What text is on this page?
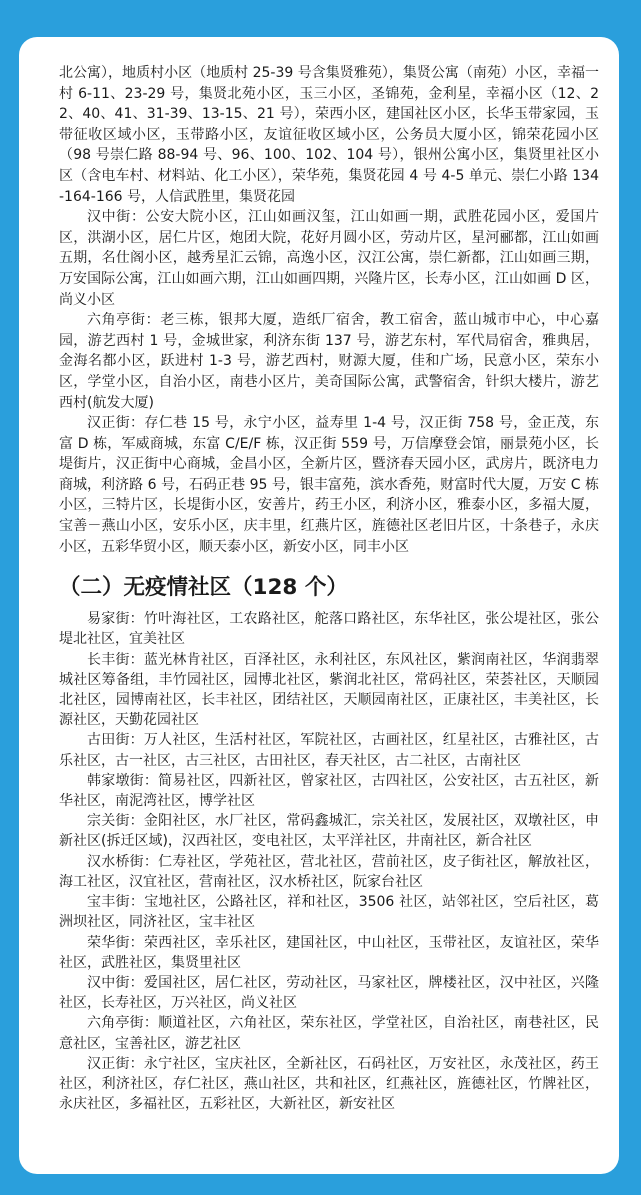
北公寓），地质村小区（地质村 25-39 号含集贤雅苑），集贤公寓（南苑）小区，幸福一村 6-11、23-29 号，集贤北苑小区，玉三小区，圣锦苑，金利星，幸福小区（12、22、40、41、31-39、13-15、21 号），荣西小区，建国社区小区，长华玉带家园，玉带征收区域小区，玉带路小区，友谊征收区域小区，公务员大厦小区，锦荣花园小区（98 号崇仁路 88-94 号、96、100、102、104 号），银州公寓小区，集贤里社区小区（含电车村、材料站、化工小区），荣华苑，集贤花园 4 号 4-5 单元、崇仁小路 134-164-166 号，人信武胜里，集贤花园

汉中街：公安大院小区，江山如画汉玺，江山如画一期，武胜花园小区，爱国片区，洪湖小区，居仁片区，炮团大院，花好月圆小区，劳动片区，星河郦都，江山如画五期，名仕阁小区，越秀星汇云锦，高逸小区，汉江公寓，崇仁新都，江山如画三期，万安国际公寓，江山如画六期，江山如画四期，兴隆片区，长寿小区，江山如画 D 区，尚义小区

六角亭街：老三栋，银邦大厦，造纸厂宿舍，教工宿舍，蓝山城市中心，中心嘉园，游艺西村 1 号，金城世家，利济东街 137 号，游艺东村，军代局宿舍，雅典居，金海名都小区，跃进村 1-3 号，游艺西村，财源大厦，佳和广场，民意小区，荣东小区，学堂小区，自治小区，南巷小区片，美奇国际公寓，武警宿舍，针织大楼片，游艺西村(航发大厦)

汉正街：存仁巷 15 号，永宁小区，益寿里 1-4 号，汉正街 758 号，金正茂，东富 D 栋，军威商城，东富 C/E/F 栋，汉正街 559 号，万信摩登会馆，丽景苑小区，长堤街片，汉正街中心商城，金昌小区，全新片区，暨济春天园小区，武房片，既济电力商城，利济路 6 号，石码正巷 95 号，银丰富苑，滨水香苑，财富时代大厦，万安 C 栋小区，三特片区，长堤街小区，安善片，药王小区，利济小区，雅泰小区，多福大厦，宝善－燕山小区，安乐小区，庆丰里，红燕片区，旌德社区老旧片区，十条巷子，永庆小区，五彩华贸小区，顺天泰小区，新安小区，同丰小区

（二）无疫情社区（128 个）

易家街：竹叶海社区，工农路社区，舵落口路社区，东华社区，张公堤社区，张公堤北社区，宜美社区

长丰街：蓝光林肯社区，百泽社区，永利社区，东风社区，紫润南社区，华润翡翠城社区筹备组，丰竹园社区，园博北社区，紫润北社区，常码社区，荣荟社区，天顺园北社区，园博南社区，长丰社区，团结社区，天顺园南社区，正康社区，丰美社区，长源社区，天勤花园社区

古田街：万人社区，生活村社区，军院社区，古画社区，红星社区，古雅社区，古乐社区，古一社区，古三社区，古田社区，春天社区，古二社区，古南社区

韩家墩街：简易社区，四新社区，曾家社区，古四社区，公安社区，古五社区，新华社区，南泥湾社区，博学社区

宗关街：金阳社区，水厂社区，常码鑫城汇，宗关社区，发展社区，双墩社区，申新社区(拆迁区域)，汉西社区，变电社区，太平洋社区，井南社区，新合社区

汉水桥街：仁寿社区，学苑社区，营北社区，营前社区，皮子街社区，解放社区，海工社区，汉宜社区，营南社区，汉水桥社区，阮家台社区

宝丰街：宝地社区，公路社区，祥和社区，3506 社区，站邻社区，空后社区，葛洲坝社区，同济社区，宝丰社区

荣华街：荣西社区，幸乐社区，建国社区，中山社区，玉带社区，友谊社区，荣华社区，武胜社区，集贤里社区

汉中街：爱国社区，居仁社区，劳动社区，马家社区，牌楼社区，汉中社区，兴隆社区，长寿社区，万兴社区，尚义社区

六角亭街：顺道社区，六角社区，荣东社区，学堂社区，自治社区，南巷社区，民意社区，宝善社区，游艺社区

汉正街：永宁社区，宝庆社区，全新社区，石码社区，万安社区，永茂社区，药王社区，利济社区，存仁社区，燕山社区，共和社区，红燕社区，旌德社区，竹牌社区，永庆社区，多福社区，五彩社区，大新社区，新安社区
